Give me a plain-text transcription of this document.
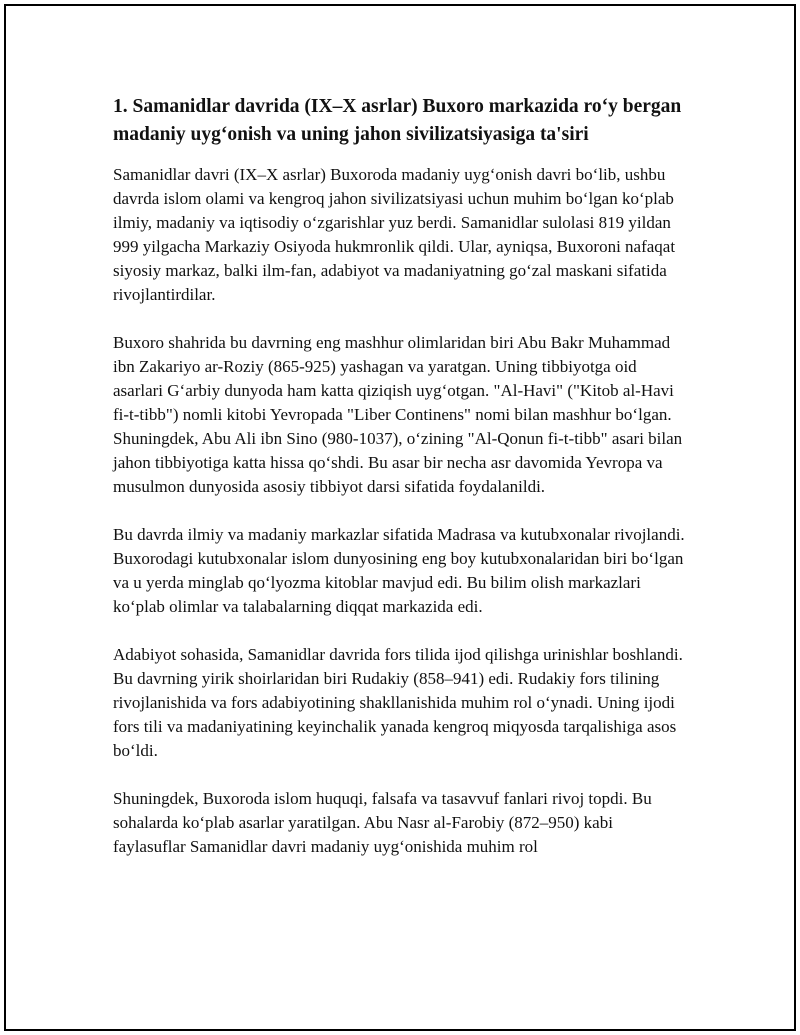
1. Samanidlar davrida (IX–X asrlar) Buxoro markazida roʻy bergan madaniy uygʻonish va uning jahon sivilizatsiyasiga ta'siri

Samanidlar davri (IX–X asrlar) Buxoroda madaniy uygʻonish davri boʻlib, ushbu davrda islom olami va kengroq jahon sivilizatsiyasi uchun muhim boʻlgan koʻplab ilmiy, madaniy va iqtisodiy oʻzgarishlar yuz berdi. Samanidlar sulolasi 819 yildan 999 yilgacha Markaziy Osiyoda hukmronlik qildi. Ular, ayniqsa, Buxoroni nafaqat siyosiy markaz, balki ilm-fan, adabiyot va madaniyatning goʻzal maskani sifatida rivojlantirdilar.

Buxoro shahrida bu davrning eng mashhur olimlaridan biri Abu Bakr Muhammad ibn Zakariyo ar-Roziy (865-925) yashagan va yaratgan. Uning tibbiyotga oid asarlari Gʻarbiy dunyoda ham katta qiziqish uygʻotgan. "Al-Havi" ("Kitob al-Havi fi-t-tibb") nomli kitobi Yevropada "Liber Continens" nomi bilan mashhur boʻlgan. Shuningdek, Abu Ali ibn Sino (980-1037), oʻzining "Al-Qonun fi-t-tibb" asari bilan jahon tibbiyotiga katta hissa qoʻshdi. Bu asar bir necha asr davomida Yevropa va musulmon dunyosida asosiy tibbiyot darsi sifatida foydalanildi.

Bu davrda ilmiy va madaniy markazlar sifatida Madrasa va kutubxonalar rivojlandi. Buxorodagi kutubxonalar islom dunyosining eng boy kutubxonalaridan biri boʻlgan va u yerda minglab qoʻlyozma kitoblar mavjud edi. Bu bilim olish markazlari koʻplab olimlar va talabalarning diqqat markazida edi.

Adabiyot sohasida, Samanidlar davrida fors tilida ijod qilishga urinishlar boshlandi. Bu davrning yirik shoirlaridan biri Rudakiy (858–941) edi. Rudakiy fors tilining rivojlanishida va fors adabiyotining shakllanishida muhim rol oʻynadi. Uning ijodi fors tili va madaniyatining keyinchalik yanada kengroq miqyosda tarqalishiga asos boʻldi.

Shuningdek, Buxoroda islom huquqi, falsafa va tasavvuf fanlari rivoj topdi. Bu sohalarda koʻplab asarlar yaratilgan. Abu Nasr al-Farobiy (872–950) kabi faylasuflar Samanidlar davri madaniy uygʻonishida muhim rol
